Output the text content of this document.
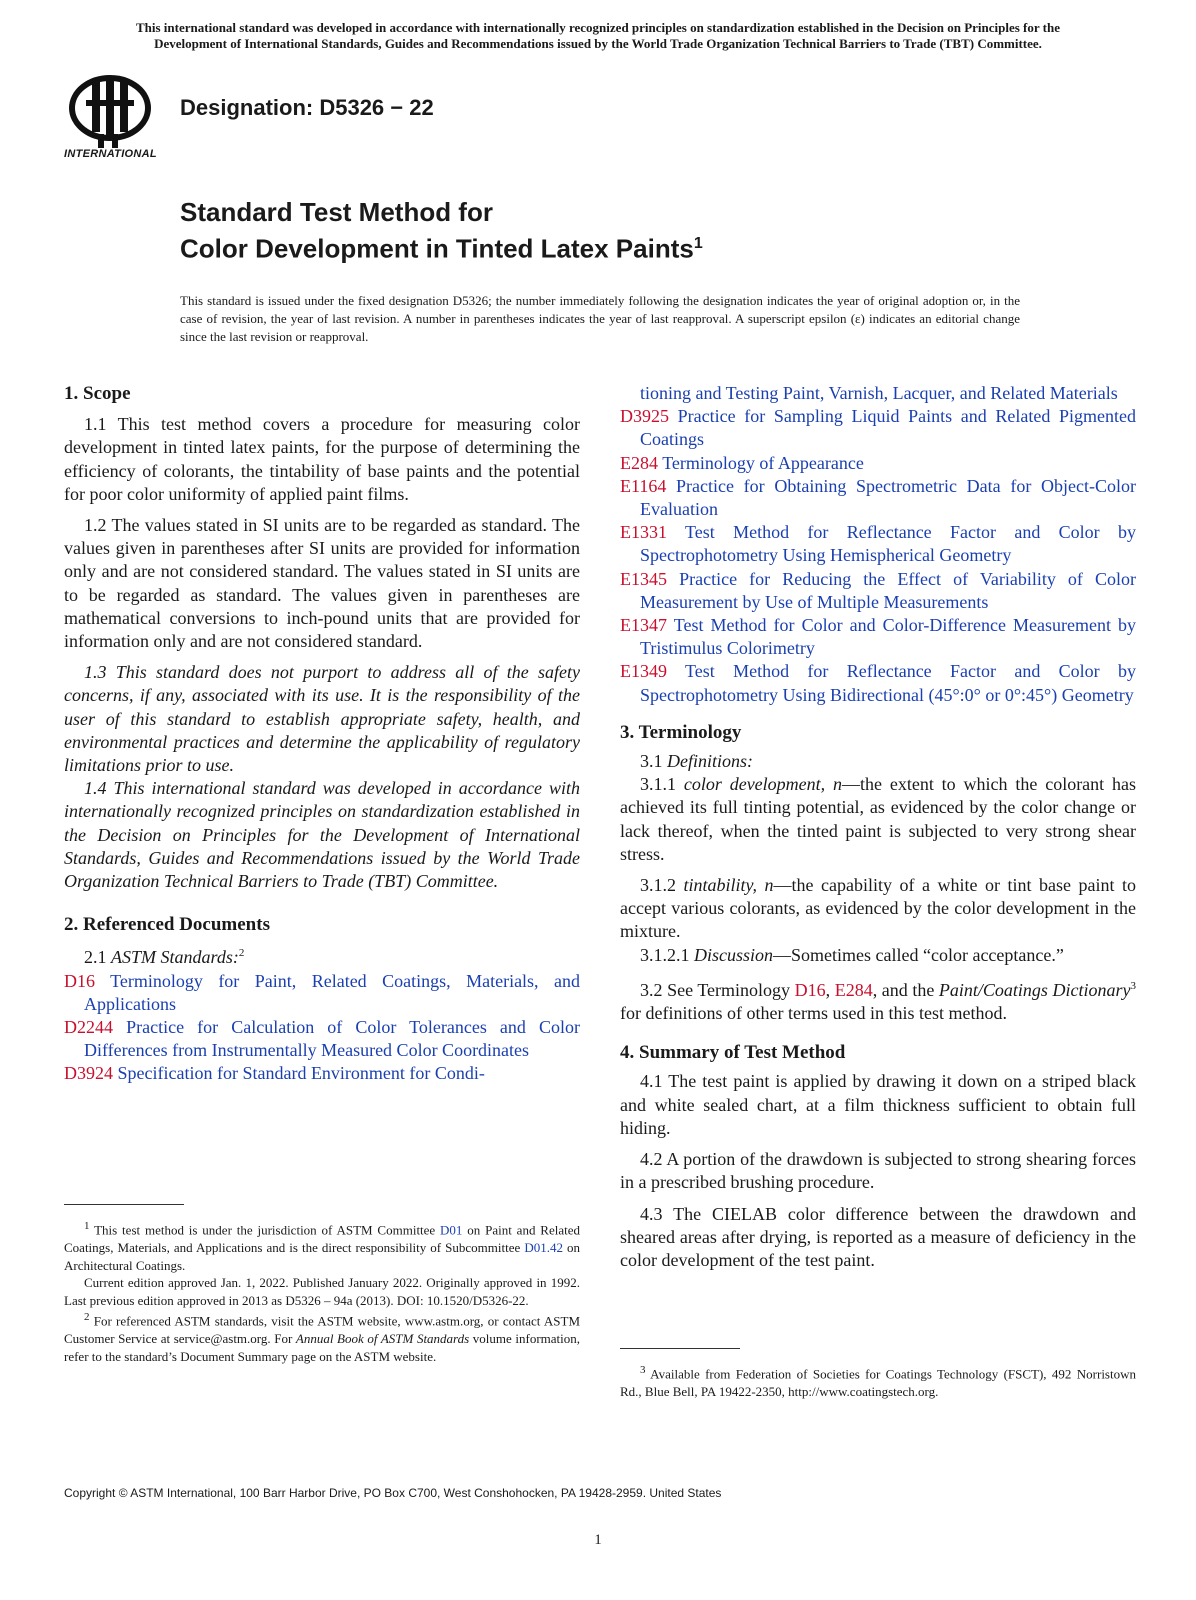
This international standard was developed in accordance with internationally recognized principles on standardization established in the Decision on Principles for the
Development of International Standards, Guides and Recommendations issued by the World Trade Organization Technical Barriers to Trade (TBT) Committee.
INTERNATIONAL
Designation: D5326 − 22
Standard Test Method for
Color Development in Tinted Latex Paints$^1$
This standard is issued under the fixed designation D5326; the number immediately following the designation indicates the year of original adoption or, in the case of revision, the year of last revision. A number in parentheses indicates the year of last reapproval. A superscript epsilon (ε) indicates an editorial change since the last revision or reapproval.

1. Scope

1.1 This test method covers a procedure for measuring color development in tinted latex paints, for the purpose of determining the efficiency of colorants, the tintability of base paints and the potential for poor color uniformity of applied paint films.

1.2 The values stated in SI units are to be regarded as standard. The values given in parentheses after SI units are provided for information only and are not considered standard. The values stated in SI units are to be regarded as standard. The values given in parentheses are mathematical conversions to inch-pound units that are provided for information only and are not considered standard.

1.3 This standard does not purport to address all of the safety concerns, if any, associated with its use. It is the responsibility of the user of this standard to establish appropriate safety, health, and environmental practices and determine the applicability of regulatory limitations prior to use.

1.4 This international standard was developed in accordance with internationally recognized principles on standardization established in the Decision on Principles for the Development of International Standards, Guides and Recommendations issued by the World Trade Organization Technical Barriers to Trade (TBT) Committee.

2. Referenced Documents

2.1 ASTM Standards:$^2$

D16 Terminology for Paint, Related Coatings, Materials, and Applications

D2244 Practice for Calculation of Color Tolerances and Color Differences from Instrumentally Measured Color Coordinates

D3924 Specification for Standard Environment for Condi-

$^1$ This test method is under the jurisdiction of ASTM Committee D01 on Paint and Related Coatings, Materials, and Applications and is the direct responsibility of Subcommittee D01.42 on Architectural Coatings.

Current edition approved Jan. 1, 2022. Published January 2022. Originally approved in 1992. Last previous edition approved in 2013 as D5326 – 94a (2013). DOI: 10.1520/D5326-22.

$^2$ For referenced ASTM standards, visit the ASTM website, www.astm.org, or contact ASTM Customer Service at service@astm.org. For Annual Book of ASTM Standards volume information, refer to the standard’s Document Summary page on the ASTM website.

tioning and Testing Paint, Varnish, Lacquer, and Related Materials

D3925 Practice for Sampling Liquid Paints and Related Pigmented Coatings

E284 Terminology of Appearance

E1164 Practice for Obtaining Spectrometric Data for Object-Color Evaluation

E1331 Test Method for Reflectance Factor and Color by Spectrophotometry Using Hemispherical Geometry

E1345 Practice for Reducing the Effect of Variability of Color Measurement by Use of Multiple Measurements

E1347 Test Method for Color and Color-Difference Measurement by Tristimulus Colorimetry

E1349 Test Method for Reflectance Factor and Color by Spectrophotometry Using Bidirectional (45°:0° or 0°:45°) Geometry

3. Terminology

3.1 Definitions:

3.1.1 color development, n—the extent to which the colorant has achieved its full tinting potential, as evidenced by the color change or lack thereof, when the tinted paint is subjected to very strong shear stress.

3.1.2 tintability, n—the capability of a white or tint base paint to accept various colorants, as evidenced by the color development in the mixture.

3.1.2.1 Discussion—Sometimes called “color acceptance.”

3.2 See Terminology D16, E284, and the Paint/Coatings Dictionary$^3$ for definitions of other terms used in this test method.

4. Summary of Test Method

4.1 The test paint is applied by drawing it down on a striped black and white sealed chart, at a film thickness sufficient to obtain full hiding.

4.2 A portion of the drawdown is subjected to strong shearing forces in a prescribed brushing procedure.

4.3 The CIELAB color difference between the drawdown and sheared areas after drying, is reported as a measure of deficiency in the color development of the test paint.

$^3$ Available from Federation of Societies for Coatings Technology (FSCT), 492 Norristown Rd., Blue Bell, PA 19422-2350, http://www.coatingstech.org.

Copyright © ASTM International, 100 Barr Harbor Drive, PO Box C700, West Conshohocken, PA 19428-2959. United States
1
